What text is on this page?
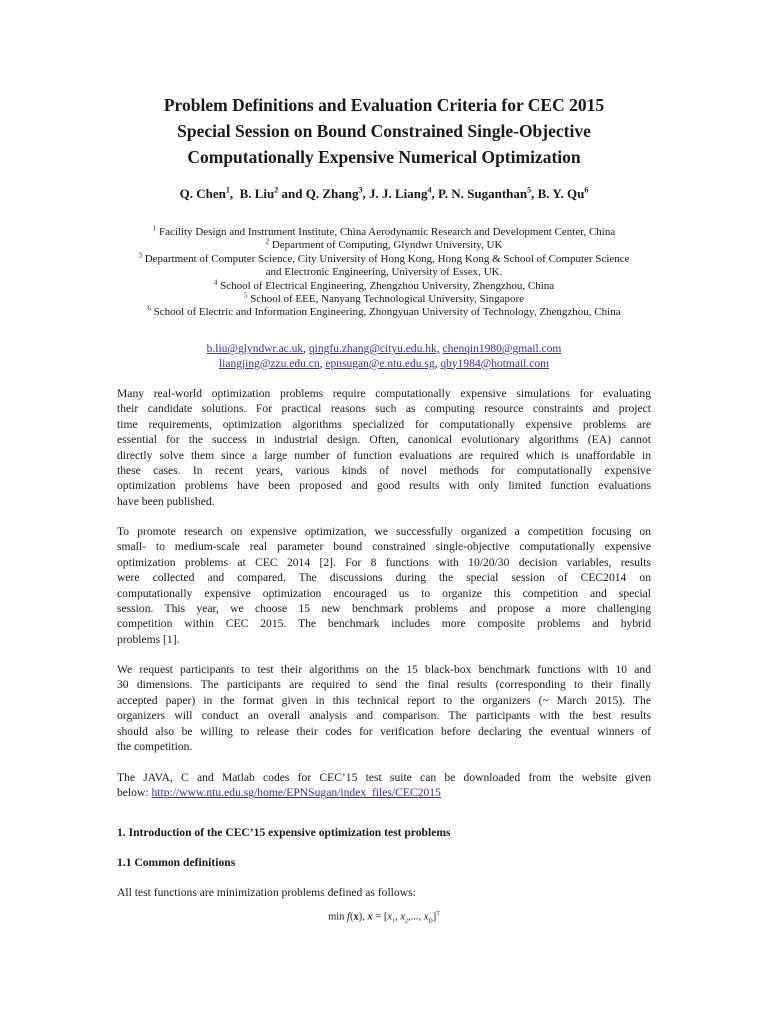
Problem Definitions and Evaluation Criteria for CEC 2015
Special Session on Bound Constrained Single-Objective
Computationally Expensive Numerical Optimization
Q. Chen$^1$,  B. Liu$^2$ and Q. Zhang$^3$, J. J. Liang$^4$, P. N. Suganthan$^5$, B. Y. Qu$^6$
$^1$ Facility Design and Instrument Institute, China Aerodynamic Research and Development Center, China
$^2$ Department of Computing, Glyndwr University, UK
$^3$ Department of Computer Science, City University of Hong Kong, Hong Kong & School of Computer Science
and Electronic Engineering, University of Essex, UK.
$^4$ School of Electrical Engineering, Zhengzhou University, Zhengzhou, China
$^5$ School of EEE, Nanyang Technological University, Singapore
$^6$ School of Electric and Information Engineering, Zhongyuan University of Technology, Zhengzhou, China
b.liu@glyndwr.ac.uk, qingfu.zhang@cityu.edu.hk, chenqin1980@gmail.com
liangjing@zzu.edu.cn, epnsugan@e.ntu.edu.sg, qby1984@hotmail.com
Many real-world optimization problems require computationally expensive simulations for evaluating
their candidate solutions. For practical reasons such as computing resource constraints and project
time requirements, optimization algorithms specialized for computationally expensive problems are
essential for the success in industrial design. Often, canonical evolutionary algorithms (EA) cannot
directly solve them since a large number of function evaluations are required which is unaffordable in
these cases. In recent years, various kinds of novel methods for computationally expensive
optimization problems have been proposed and good results with only limited function evaluations
have been published.
To promote research on expensive optimization, we successfully organized a competition focusing on
small- to medium-scale real parameter bound constrained single-objective computationally expensive
optimization problems at CEC 2014 [2]. For 8 functions with 10/20/30 decision variables, results
were collected and compared. The discussions during the special session of CEC2014 on
computationally expensive optimization encouraged us to organize this competition and special
session. This year, we choose 15 new benchmark problems and propose a more challenging
competition within CEC 2015. The benchmark includes more composite problems and hybrid
problems [1].
We request participants to test their algorithms on the 15 black-box benchmark functions with 10 and
30 dimensions. The participants are required to send the final results (corresponding to their finally
accepted paper) in the format given in this technical report to the organizers (~ March 2015). The
organizers will conduct an overall analysis and comparison. The participants with the best results
should also be willing to release their codes for verification before declaring the eventual winners of
the competition.
The JAVA, C and Matlab codes for CEC’15 test suite can be downloaded from the website given
below: http://www.ntu.edu.sg/home/EPNSugan/index_files/CEC2015
1. Introduction of the CEC’15 expensive optimization test problems
1.1 Common definitions
All test functions are minimization problems defined as follows:
min f(x), $x = [x_1$, $x_2$,..., $x_D]^T$
